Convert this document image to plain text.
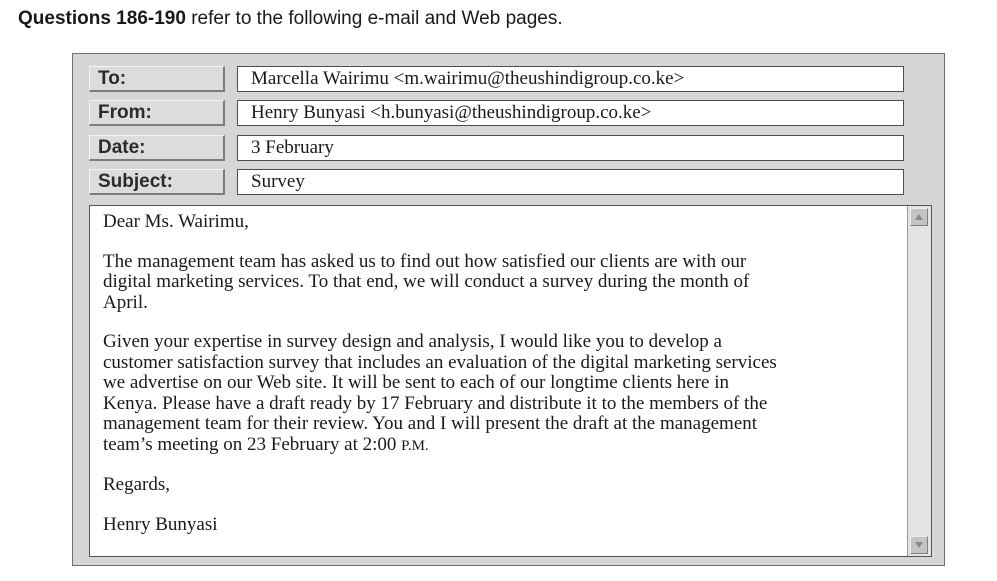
Questions 186-190 refer to the following e-mail and Web pages.
To:	Marcella Wairimu <m.wairimu@theushindigroup.co.ke>
From:	Henry Bunyasi <h.bunyasi@theushindigroup.co.ke>
Date:	3 February
Subject:	Survey

Dear Ms. Wairimu,

The management team has asked us to find out how satisfied our clients are with our
digital marketing services. To that end, we will conduct a survey during the month of
April.

Given your expertise in survey design and analysis, I would like you to develop a
customer satisfaction survey that includes an evaluation of the digital marketing services
we advertise on our Web site. It will be sent to each of our longtime clients here in
Kenya. Please have a draft ready by 17 February and distribute it to the members of the
management team for their review. You and I will present the draft at the management
team’s meeting on 23 February at 2:00 P.M.

Regards,

Henry Bunyasi
